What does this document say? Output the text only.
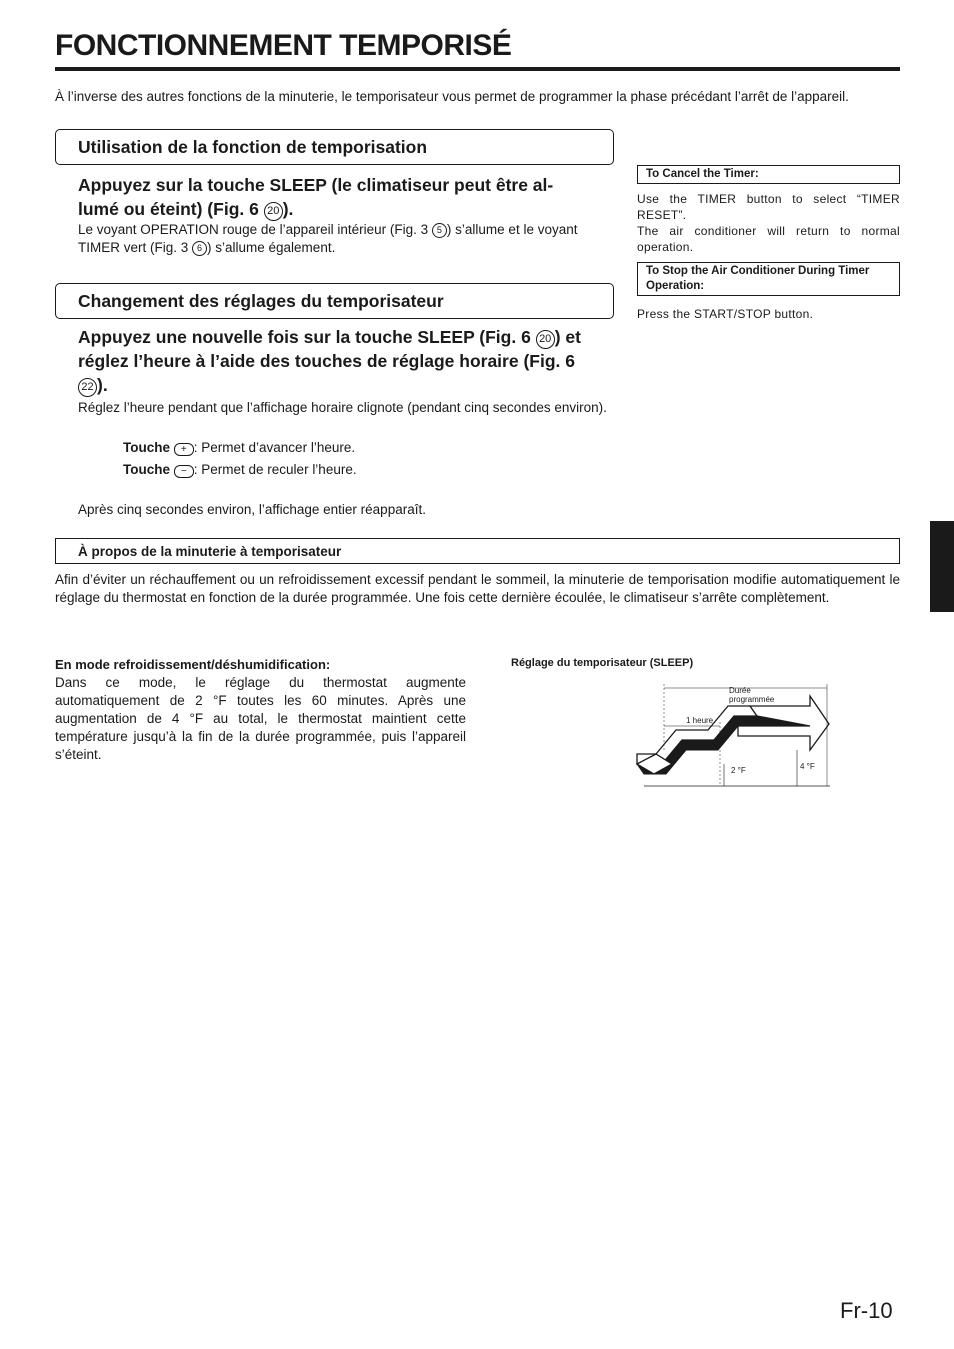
FONCTIONNEMENT TEMPORISÉ
À l’inverse des autres fonctions de la minuterie, le temporisateur vous permet de programmer la phase précédant l’arrêt de l’appareil.
Utilisation de la fonction de temporisation
Appuyez sur la touche SLEEP (le climatiseur peut être al-
lumé ou éteint) (Fig. 6 20 ).
Le voyant OPERATION rouge de l’appareil intérieur (Fig. 3 5 ) s’allume et le voyant TIMER vert (Fig. 3 6 ) s’allume également.
Changement des réglages du temporisateur
Appuyez une nouvelle fois sur la touche SLEEP (Fig. 6 20 ) et
réglez l’heure à l’aide des touches de réglage horaire (Fig. 6
22 ).
Réglez l’heure pendant que l’affichage horaire clignote (pendant cinq secondes environ).
Touche + : Permet d’avancer l’heure.
Touche − : Permet de reculer l’heure.
Après cinq secondes environ, l’affichage entier réapparaît.
To Cancel the Timer:
Use the TIMER button to select “TIMER RESET”.
The air conditioner will return to normal operation.
To Stop the Air Conditioner During Timer Operation:
Press the START/STOP button.
À propos de la minuterie à temporisateur
Afin d’éviter un réchauffement ou un refroidissement excessif pendant le sommeil, la minuterie de temporisation modifie automatiquement le réglage du thermostat en fonction de la durée programmée. Une fois cette dernière écoulée, le climatiseur s’arrête complètement.
En mode refroidissement/déshumidification:
Dans ce mode, le réglage du thermostat augmente automatiquement de 2 °F toutes les 60 minutes. Après une augmentation de 4 °F au total, le thermostat maintient cette température jusqu’à la fin de la durée programmée, puis l’appareil s’éteint.
Réglage du temporisateur (SLEEP)
Durée
programmée
1 heure
2 °F	4 °F
Fr-10
